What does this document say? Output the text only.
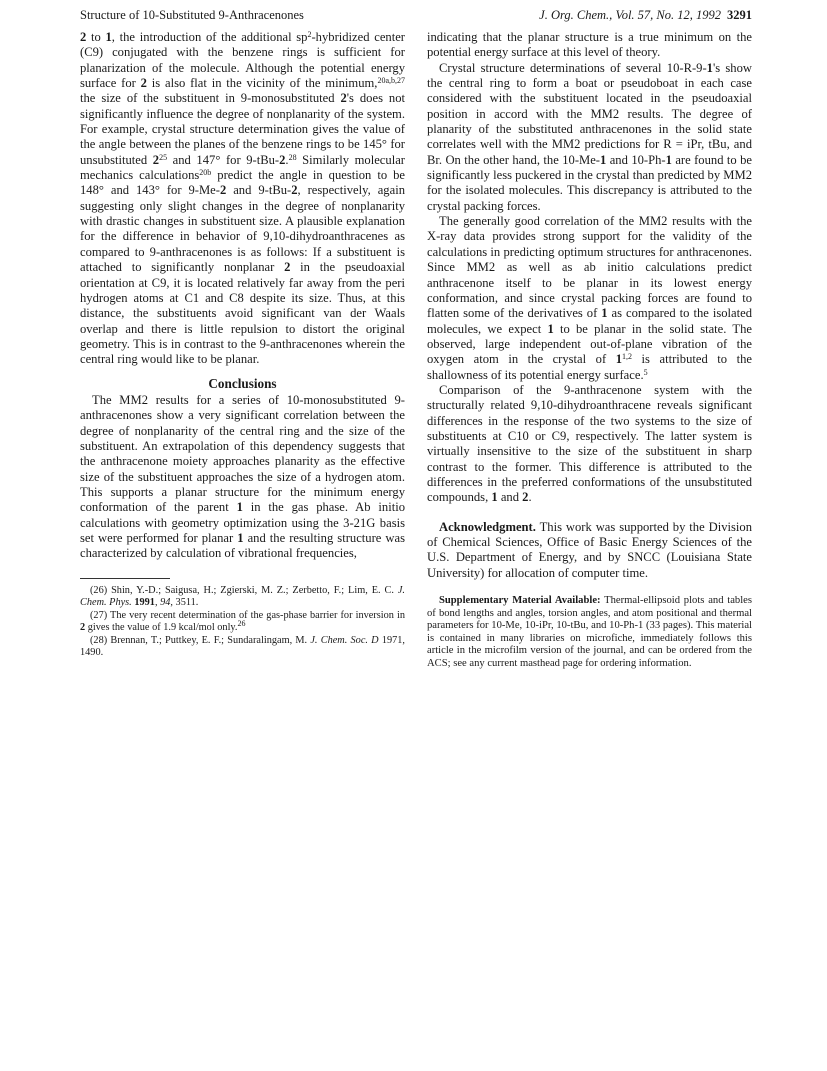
Structure of 10-Substituted 9-Anthracenones	J. Org. Chem., Vol. 57, No. 12, 1992 3291

2 to 1, the introduction of the additional $sp^2$-hybridized center (C9) conjugated with the benzene rings is sufficient for planarization of the molecule. Although the potential energy surface for 2 is also flat in the vicinity of the minimum,$^{20a,b,27}$ the size of the substituent in 9-monosubstituted 2's does not significantly influence the degree of nonplanarity of the system. For example, crystal structure determination gives the value of the angle between the planes of the benzene rings to be 145° for unsubstituted $2^{25}$ and 147° for 9-tBu-2.28 Similarly molecular mechanics calculations$^{20b}$ predict the angle in question to be 148° and 143° for 9-Me-2 and 9-tBu-2, respectively, again suggesting only slight changes in the degree of nonplanarity with drastic changes in substituent size. A plausible explanation for the difference in behavior of 9,10-dihydroanthracenes as compared to 9-anthracenones is as follows: If a substituent is attached to significantly nonplanar 2 in the pseudoaxial orientation at C9, it is located relatively far away from the peri hydrogen atoms at C1 and C8 despite its size. Thus, at this distance, the substituents avoid significant van der Waals overlap and there is little repulsion to distort the original geometry. This is in contrast to the 9-anthracenones wherein the central ring would like to be planar.

Conclusions

The MM2 results for a series of 10-monosubstituted 9-anthracenones show a very significant correlation between the degree of nonplanarity of the central ring and the size of the substituent. An extrapolation of this dependency suggests that the anthracenone moiety approaches planarity as the effective size of the substituent approaches the size of a hydrogen atom. This supports a planar structure for the minimum energy conformation of the parent 1 in the gas phase. Ab initio calculations with geometry optimization using the 3-21G basis set were performed for planar 1 and the resulting structure was characterized by calculation of vibrational frequencies,

(26) Shin, Y.-D.; Saigusa, H.; Zgierski, M. Z.; Zerbetto, F.; Lim, E. C. J. Chem. Phys. 1991, 94, 3511.

(27) The very recent determination of the gas-phase barrier for inversion in 2 gives the value of 1.9 kcal/mol only.$^{26}$

(28) Brennan, T.; Puttkey, E. F.; Sundaralingam, M. J. Chem. Soc. D 1971, 1490.

indicating that the planar structure is a true minimum on the potential energy surface at this level of theory.

Crystal structure determinations of several 10-R-9-1's show the central ring to form a boat or pseudoboat in each case considered with the substituent located in the pseudoaxial position in accord with the MM2 results. The degree of planarity of the substituted anthracenones in the solid state correlates well with the MM2 predictions for R = iPr, tBu, and Br. On the other hand, the 10-Me-1 and 10-Ph-1 are found to be significantly less puckered in the crystal than predicted by MM2 for the isolated molecules. This discrepancy is attributed to the crystal packing forces.

The generally good correlation of the MM2 results with the X-ray data provides strong support for the validity of the calculations in predicting optimum structures for anthracenones. Since MM2 as well as ab initio calculations predict anthracenone itself to be planar in its lowest energy conformation, and since crystal packing forces are found to flatten some of the derivatives of 1 as compared to the isolated molecules, we expect 1 to be planar in the solid state. The observed, large independent out-of-plane vibration of the oxygen atom in the crystal of 1$^{1,2}$ is attributed to the shallowness of its potential energy surface.$^5$

Comparison of the 9-anthracenone system with the structurally related 9,10-dihydroanthracene reveals significant differences in the response of the two systems to the size of substituents at C10 or C9, respectively. The latter system is virtually insensitive to the size of the substituent in sharp contrast to the former. This difference is attributed to the differences in the preferred conformations of the unsubstituted compounds, 1 and 2.

Acknowledgment. This work was supported by the Division of Chemical Sciences, Office of Basic Energy Sciences of the U.S. Department of Energy, and by SNCC (Louisiana State University) for allocation of computer time.

Supplementary Material Available: Thermal-ellipsoid plots and tables of bond lengths and angles, torsion angles, and atom positional and thermal parameters for 10-Me, 10-iPr, 10-tBu, and 10-Ph-1 (33 pages). This material is contained in many libraries on microfiche, immediately follows this article in the microfilm version of the journal, and can be ordered from the ACS; see any current masthead page for ordering information.
